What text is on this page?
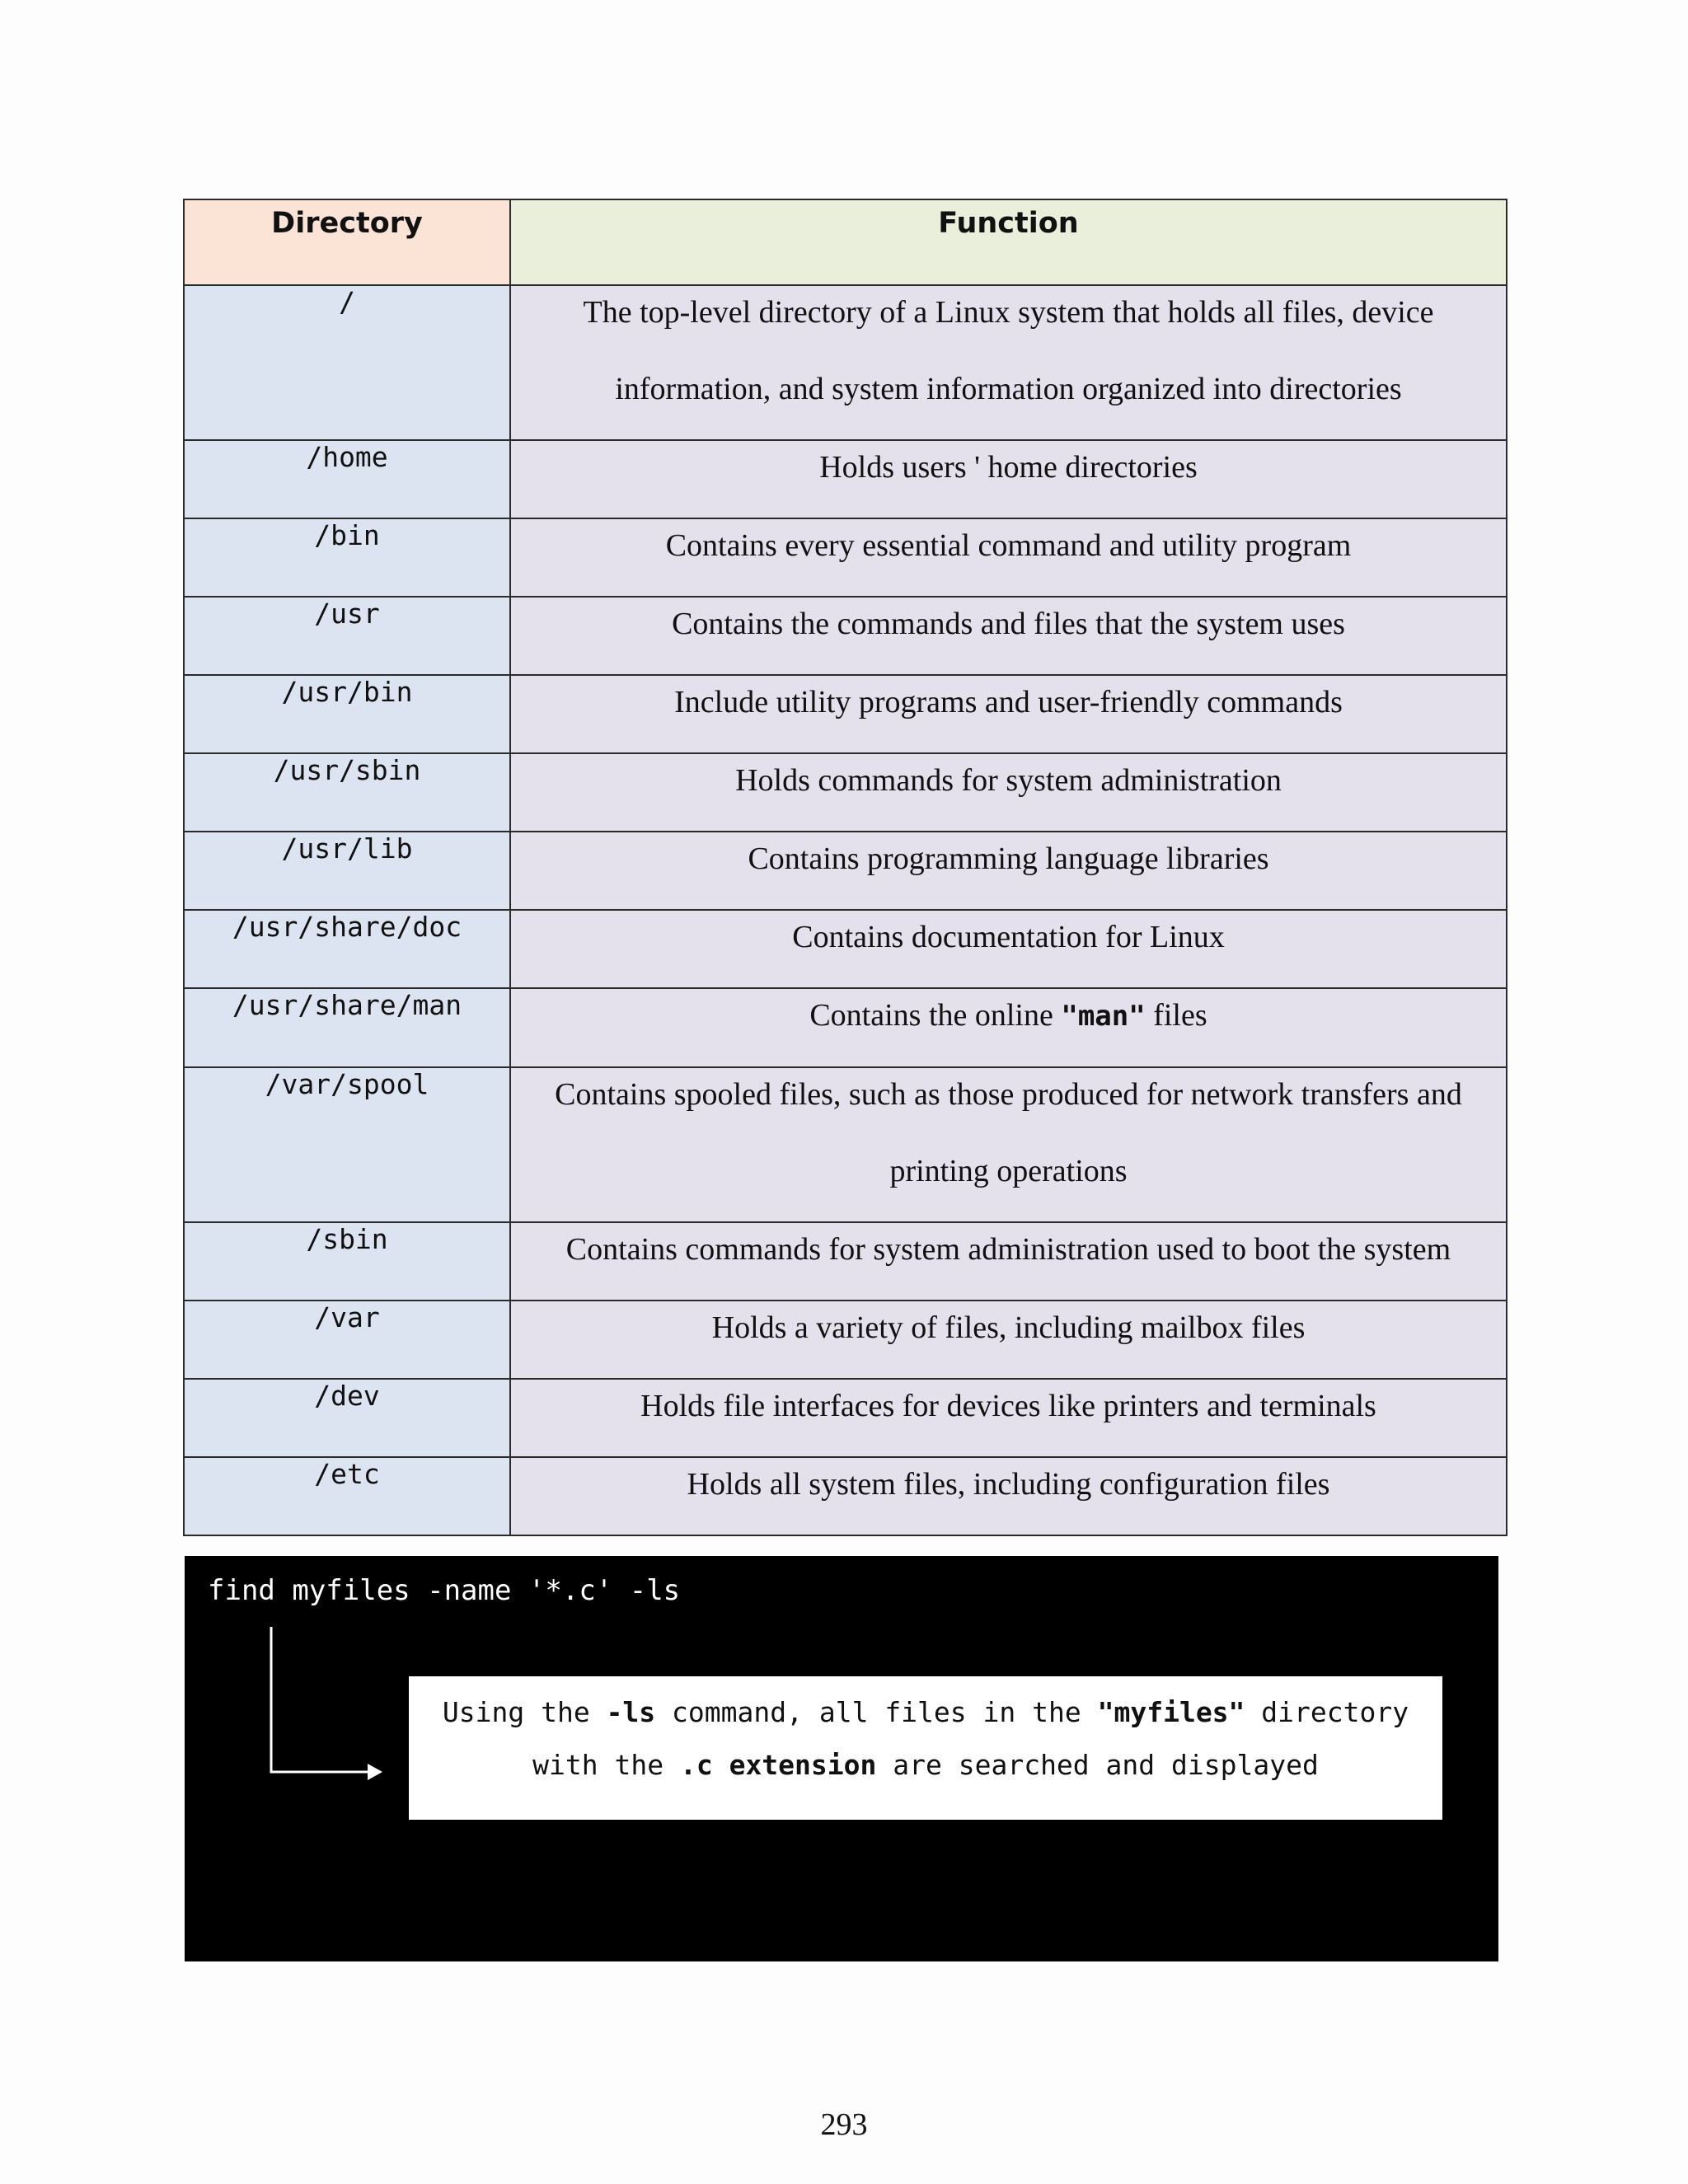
Directory	Function
/	The top-level directory of a Linux system that holds all files, device information, and system information organized into directories

/home	Holds users ' home directories

/bin	Contains every essential command and utility program

/usr	Contains the commands and files that the system uses

/usr/bin	Include utility programs and user-friendly commands

/usr/sbin	Holds commands for system administration

/usr/lib	Contains programming language libraries

/usr/share/doc	Contains documentation for Linux

/usr/share/man	Contains the online "man" files

/var/spool	Contains spooled files, such as those produced for network transfers and printing operations

/sbin	Contains commands for system administration used to boot the system

/var	Holds a variety of files, including mailbox files

/dev	Holds file interfaces for devices like printers and terminals

/etc	Holds all system files, including configuration files
find myfiles -name '*.c' -ls
Using the -ls command, all files in the "myfiles" directory
with the .c extension are searched and displayed
293
